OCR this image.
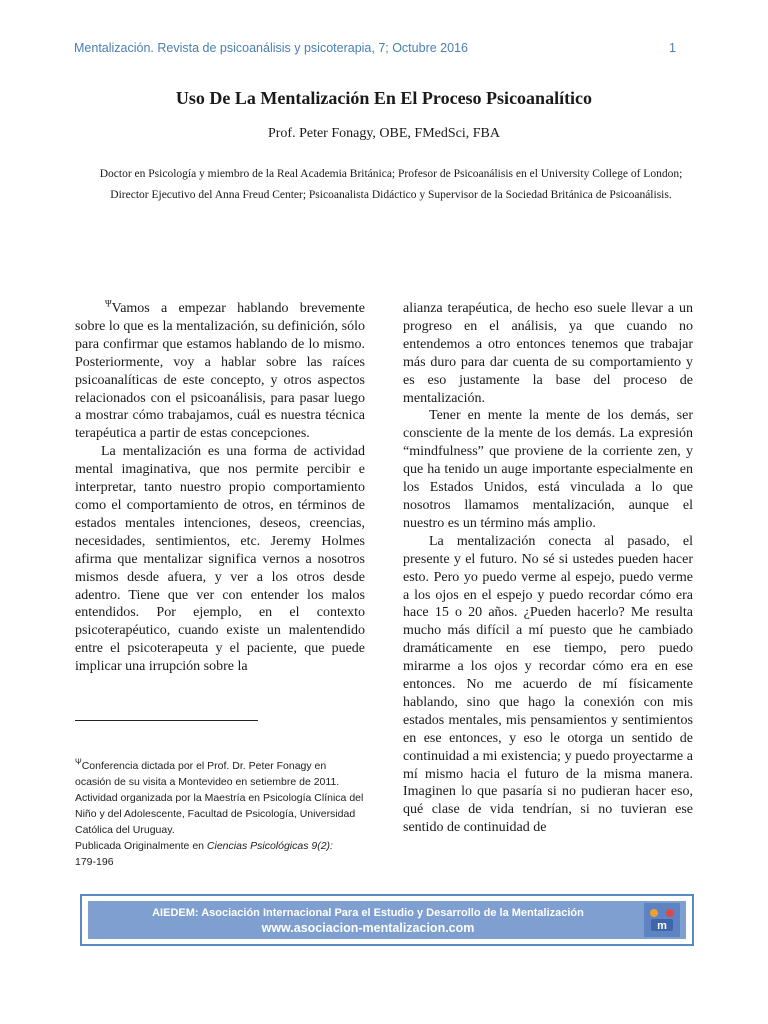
Mentalización. Revista de psicoanálisis y psicoterapia, 7; Octubre 2016	1
Uso De La Mentalización En El Proceso Psicoanalítico
Prof. Peter Fonagy, OBE, FMedSci, FBA
Doctor en Psicología y miembro de la Real Academia Británica; Profesor de Psicoanálisis en el University College of London; Director Ejecutivo del Anna Freud Center; Psicoanalista Didáctico y Supervisor de la Sociedad Británica de Psicoanálisis.

$^\Psi$Vamos a empezar hablando brevemente sobre lo que es la mentalización, su definición, sólo para confirmar que estamos hablando de lo mismo. Posteriormente, voy a hablar sobre las raíces psicoanalíticas de este concepto, y otros aspectos relacionados con el psicoanálisis, para pasar luego a mostrar cómo trabajamos, cuál es nuestra técnica terapéutica a partir de estas concepciones.

La mentalización es una forma de actividad mental imaginativa, que nos permite percibir e interpretar, tanto nuestro propio comportamiento como el comportamiento de otros, en términos de estados mentales intenciones, deseos, creencias, necesidades, sentimientos, etc. Jeremy Holmes afirma que mentalizar significa vernos a nosotros mismos desde afuera, y ver a los otros desde adentro. Tiene que ver con entender los malos entendidos. Por ejemplo, en el contexto psicoterapéutico, cuando existe un malentendido entre el psicoterapeuta y el paciente, que puede implicar una irrupción sobre la

alianza terapéutica, de hecho eso suele llevar a un progreso en el análisis, ya que cuando no entendemos a otro entonces tenemos que trabajar más duro para dar cuenta de su comportamiento y es eso justamente la base del proceso de mentalización.

Tener en mente la mente de los demás, ser consciente de la mente de los demás. La expresión “mindfulness” que proviene de la corriente zen, y que ha tenido un auge importante especialmente en los Estados Unidos, está vinculada a lo que nosotros llamamos mentalización, aunque el nuestro es un término más amplio.

La mentalización conecta al pasado, el presente y el futuro. No sé si ustedes pueden hacer esto. Pero yo puedo verme al espejo, puedo verme a los ojos en el espejo y puedo recordar cómo era hace 15 o 20 años. ¿Pueden hacerlo? Me resulta mucho más difícil a mí puesto que he cambiado dramáticamente en ese tiempo, pero puedo mirarme a los ojos y recordar cómo era en ese entonces. No me acuerdo de mí físicamente hablando, sino que hago la conexión con mis estados mentales, mis pensamientos y sentimientos en ese entonces, y eso le otorga un sentido de continuidad a mi existencia; y puedo proyectarme a mí mismo hacia el futuro de la misma manera. Imaginen lo que pasaría si no pudieran hacer eso, qué clase de vida tendrían, si no tuvieran ese sentido de continuidad de

$^\Psi$Conferencia dictada por el Prof. Dr. Peter Fonagy en ocasión de su visita a Montevideo en setiembre de 2011. Actividad organizada por la Maestría en Psicología Clínica del Niño y del Adolescente, Facultad de Psicología, Universidad Católica del Uruguay.
Publicada Originalmente en Ciencias Psicológicas 9(2):
179-196
AIEDEM: Asociación Internacional Para el Estudio y Desarrollo de la Mentalización
www.asociacion-mentalizacion.com	m
